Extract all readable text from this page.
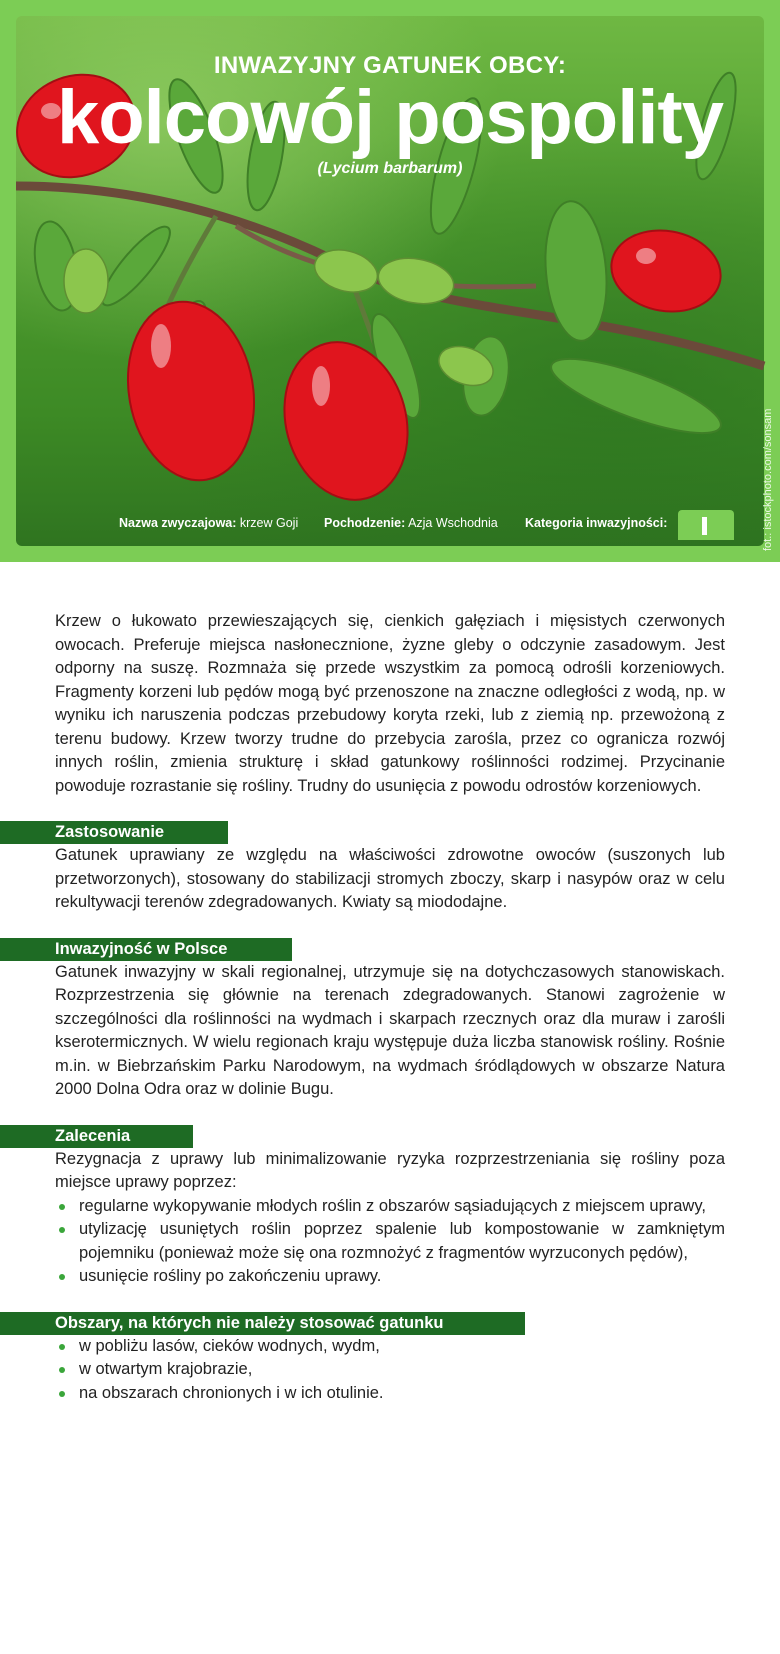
INWAZYJNY GATUNEK OBCY:
kolcowój pospolity
(Lycium barbarum)
fot.: istockphoto.com/sonsam
Nazwa zwyczajowa: krzew Goji Pochodzenie: Azja Wschodnia Kategoria inwazyjności:

Krzew o łukowato przewieszających się, cienkich gałęziach i mięsistych czerwonych owocach. Preferuje miejsca nasłonecznione, żyzne gleby o odczynie zasadowym. Jest odporny na suszę. Rozmnaża się przede wszystkim za pomocą odrośli korzeniowych. Fragmenty korzeni lub pędów mogą być przenoszone na znaczne odległości z wodą, np. w wyniku ich naruszenia podczas przebudowy koryta rzeki, lub z ziemią np. przewożoną z terenu budowy. Krzew tworzy trudne do przebycia zarośla, przez co ogranicza rozwój innych roślin, zmienia strukturę i skład gatunkowy roślinności rodzimej. Przycinanie powoduje rozrastanie się rośliny. Trudny do usunięcia z powodu odrostów korzeniowych.

Zastosowanie

Gatunek uprawiany ze względu na właściwości zdrowotne owoców (suszonych lub przetworzonych), stosowany do stabilizacji stromych zboczy, skarp i nasypów oraz w celu rekultywacji terenów zdegradowanych. Kwiaty są miododajne.

Inwazyjność w Polsce

Gatunek inwazyjny w skali regionalnej, utrzymuje się na dotychczasowych stanowiskach. Rozprzestrzenia się głównie na terenach zdegradowanych. Stanowi zagrożenie w szczególności dla roślinności na wydmach i skarpach rzecznych oraz dla muraw i zarośli kserotermicznych. W wielu regionach kraju występuje duża liczba stanowisk rośliny. Rośnie m.in. w Biebrzańskim Parku Narodowym, na wydmach śródlądowych w obszarze Natura 2000 Dolna Odra oraz w dolinie Bugu.

Zalecenia

Rezygnacja z uprawy lub minimalizowanie ryzyka rozprzestrzeniania się rośliny poza miejsce uprawy poprzez:

regularne wykopywanie młodych roślin z obszarów sąsiadujących z miejscem uprawy,
utylizację usuniętych roślin poprzez spalenie lub kompostowanie w zamkniętym pojemniku (ponieważ może się ona rozmnożyć z fragmentów wyrzuconych pędów),
usunięcie rośliny po zakończeniu uprawy.
Obszary, na których nie należy stosować gatunku
w pobliżu lasów, cieków wodnych, wydm,
w otwartym krajobrazie,
na obszarach chronionych i w ich otulinie.
